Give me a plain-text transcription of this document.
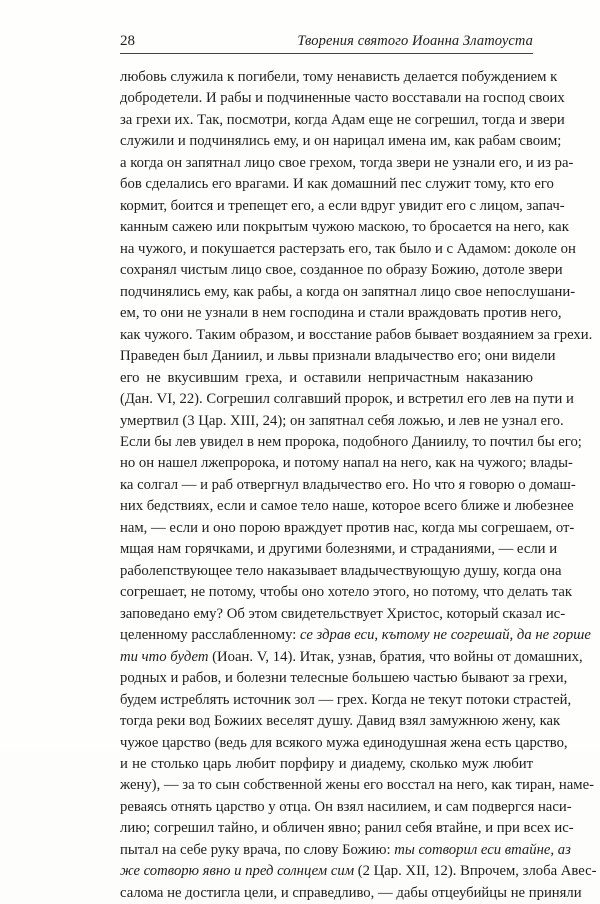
28	Творения святого Иоанна Златоуста
любовь служила к погибели, тому ненависть делается побуждением к
добродетели. И рабы и подчиненные часто восставали на господ своих
за грехи их. Так, посмотри, когда Адам еще не согрешил, тогда и звери
служили и подчинялись ему, и он нарицал имена им, как рабам своим;
а когда он запятнал лицо свое грехом, тогда звери не узнали его, и из ра-
бов сделались его врагами. И как домашний пес служит тому, кто его
кормит, боится и трепещет его, а если вдруг увидит его с лицом, запач-
канным сажею или покрытым чужою маскою, то бросается на него, как
на чужого, и покушается растерзать его, так было и с Адамом: доколе он
сохранял чистым лицо свое, созданное по образу Божию, дотоле звери
подчинялись ему, как рабы, а когда он запятнал лицо свое непослушани-
ем, то они не узнали в нем господина и стали враждовать против него,
как чужого. Таким образом, и восстание рабов бывает воздаянием за грехи.
Праведен был Даниил, и львы признали владычество его; они видели
его не вкусившим греха, и оставили непричастным наказанию
(Дан. VI, 22). Согрешил солгавший пророк, и встретил его лев на пути и
умертвил (3 Цар. XIII, 24); он запятнал себя ложью, и лев не узнал его.
Если бы лев увидел в нем пророка, подобного Даниилу, то почтил бы его;
но он нашел лжепророка, и потому напал на него, как на чужого; влады-
ка солгал — и раб отвергнул владычество его. Но что я говорю о домаш-
них бедствиях, если и самое тело наше, которое всего ближе и любезнее
нам, — если и оно порою враждует против нас, когда мы согрешаем, от-
мщая нам горячками, и другими болезнями, и страданиями, — если и
раболепствующее тело наказывает владычествующую душу, когда она
согрешает, не потому, чтобы оно хотело этого, но потому, что делать так
заповедано ему? Об этом свидетельствует Христос, который сказал ис-
целенному расслабленному: се здрав еси, кътому не согрешай, да не горше
ти что будет (Иоан. V, 14). Итак, узнав, братия, что войны от домашних,
родных и рабов, и болезни телесные большею частью бывают за грехи,
будем истреблять источник зол — грех. Когда не текут потоки страстей,
тогда реки вод Божиих веселят душу. Давид взял замужнюю жену, как
чужое царство (ведь для всякого мужа единодушная жена есть царство,
и не столько царь любит порфиру и диадему, сколько муж любит
жену), — за то сын собственной жены его восстал на него, как тиран, наме-
реваясь отнять царство у отца. Он взял насилием, и сам подвергся наси-
лию; согрешил тайно, и обличен явно; ранил себя втайне, и при всех ис-
пытал на себе руку врача, по слову Божию: ты сотворил еси втайне, аз
же сотворю явно и пред солнцем сим (2 Цар. XII, 12). Впрочем, злоба Авес-
салома не достигла цели, и справедливо, — дабы отцеубийцы не приняли
